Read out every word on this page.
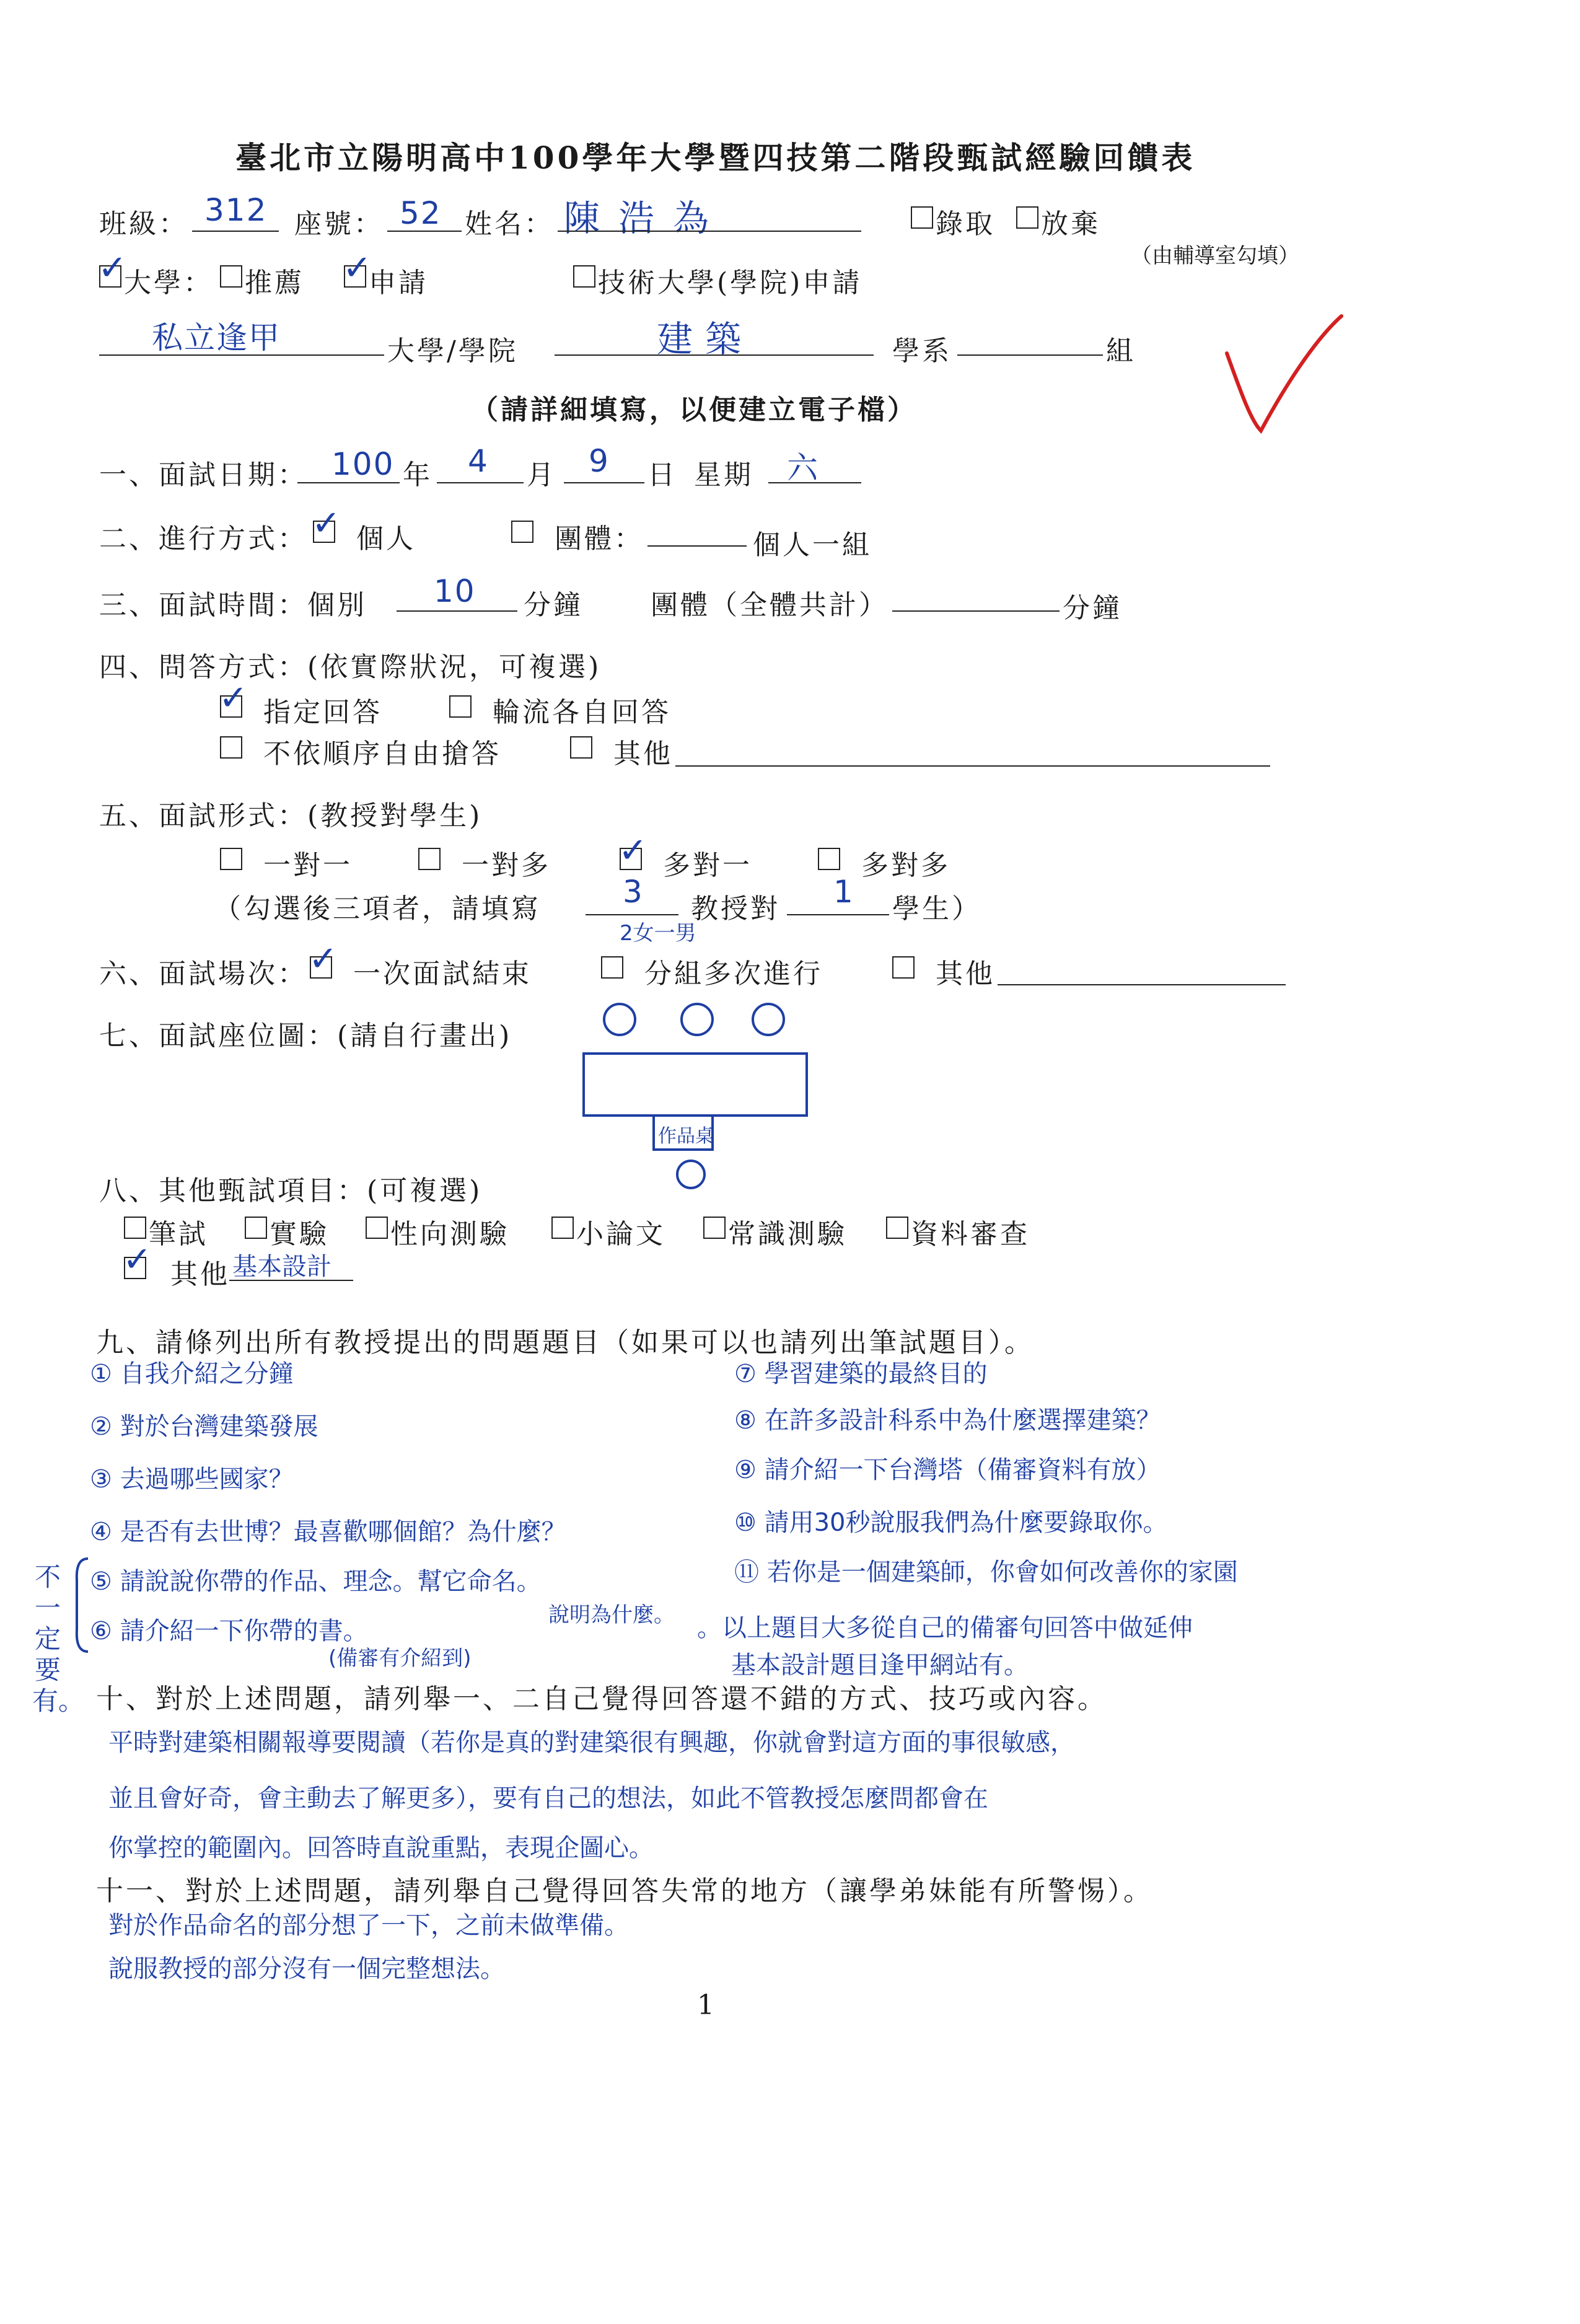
臺北市立陽明高中100學年大學暨四技第二階段甄試經驗回饋表
班級： 312 座號： 52 姓名： 陳浩為	錄取 放棄
（由輔導室勾填）
✓
大學： 推薦 ✓ 申請	技術大學(學院)申請
私立逢甲	大學/學院	建築	學系	組
（請詳細填寫，以便建立電子檔）
一、面試日期： 100 年 4 月 9 日 星期 六
二、進行方式： ✓ 個人	團體：	個人一組
三、面試時間：個別 10 分鐘 團體（全體共計）	分鐘
四、問答方式：(依實際狀況，可複選)
✓
指定回答	輪流各自回答
不依順序自由搶答	其他
五、面試形式：(教授對學生)
一對一	一對多 ✓	多對一	多對多
（勾選後三項者，請填寫	3
2女一男
教授對 1 學生）
六、面試場次： ✓ 一次面試結束	分組多次進行	其他
七、面試座位圖：(請自行畫出)
作品桌
八、其他甄試項目：(可複選)
筆試 實驗 性向測驗 小論文 常識測驗 資料審查
✓
其他 基本設計
九、請條列出所有教授提出的問題題目（如果可以也請列出筆試題目）。
① 自我介紹之分鐘
② 對於台灣建築發展
③ 去過哪些國家？
④ 是否有去世博？最喜歡哪個館？為什麼？
⑤ 請說說你帶的作品、理念。幫它命名。
⑥ 請介紹一下你帶的書。
說明為什麼。
(備審有介紹到)
不一定要有。
⑦ 學習建築的最終目的
⑧ 在許多設計科系中為什麼選擇建築？
⑨ 請介紹一下台灣塔（備審資料有放）
⑩ 請用30秒說服我們為什麼要錄取你。
⑪ 若你是一個建築師，你會如何改善你的家園
。以上題目大多從自己的備審句回答中做延伸
基本設計題目逢甲網站有。
十、對於上述問題，請列舉一、二自己覺得回答還不錯的方式、技巧或內容。
平時對建築相關報導要閱讀（若你是真的對建築很有興趣，你就會對這方面的事很敏感，
並且會好奇，會主動去了解更多），要有自己的想法，如此不管教授怎麼問都會在
你掌控的範圍內。回答時直說重點，表現企圖心。
十一、對於上述問題，請列舉自己覺得回答失常的地方（讓學弟妹能有所警惕）。
對於作品命名的部分想了一下，之前未做準備。
說服教授的部分沒有一個完整想法。
1
